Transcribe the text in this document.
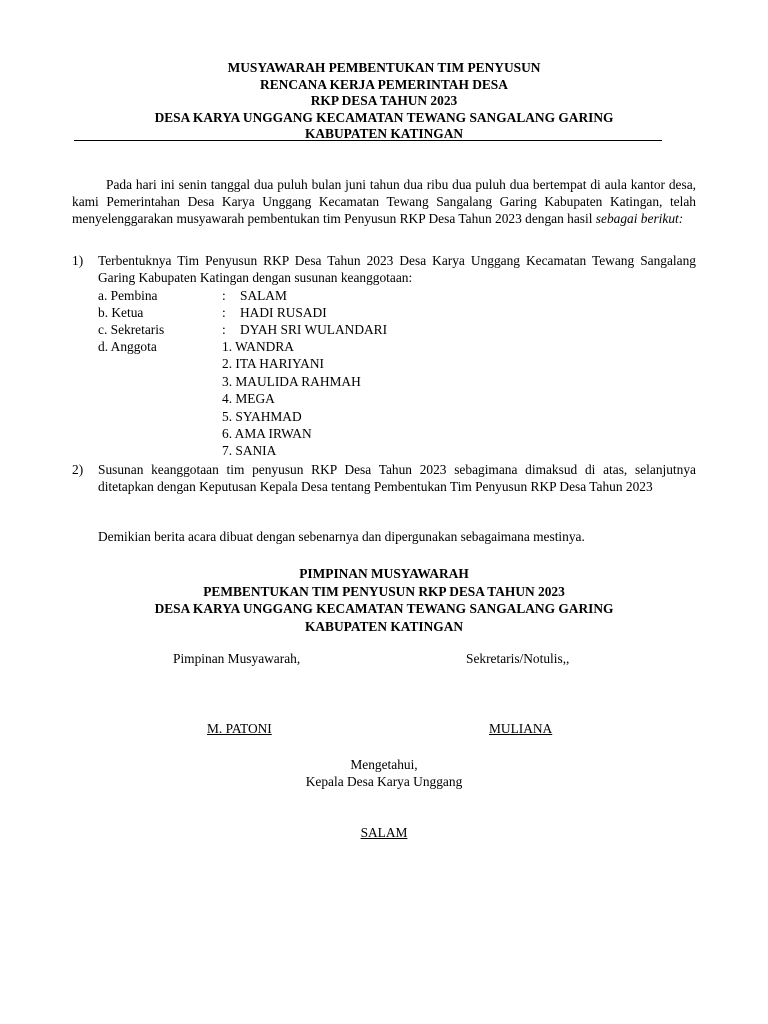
MUSYAWARAH PEMBENTUKAN TIM PENYUSUN
RENCANA KERJA PEMERINTAH DESA
RKP DESA TAHUN 2023
DESA KARYA UNGGANG KECAMATAN TEWANG SANGALANG GARING
KABUPATEN KATINGAN
Pada hari ini senin tanggal dua puluh bulan juni tahun dua ribu dua puluh dua bertempat di aula kantor desa, kami Pemerintahan Desa Karya Unggang Kecamatan Tewang Sangalang Garing Kabupaten Katingan, telah menyelenggarakan musyawarah pembentukan tim Penyusun RKP Desa Tahun 2023 dengan hasil sebagai berikut:
1)	Terbentuknya Tim Penyusun RKP Desa Tahun 2023 Desa Karya Unggang Kecamatan Tewang Sangalang Garing Kabupaten Katingan dengan susunan keanggotaan:
a. Pembina	: SALAM
b. Ketua	: HADI RUSADI
c. Sekretaris	: DYAH SRI WULANDARI
d. Anggota	1. WANDRA
2. ITA HARIYANI
3. MAULIDA RAHMAH
4. MEGA
5. SYAHMAD
6. AMA IRWAN
7. SANIA
2)	Susunan keanggotaan tim penyusun RKP Desa Tahun 2023 sebagimana dimaksud di atas, selanjutnya ditetapkan dengan Keputusan Kepala Desa tentang Pembentukan Tim Penyusun RKP Desa Tahun 2023
Demikian berita acara dibuat dengan sebenarnya dan dipergunakan sebagaimana mestinya.
PIMPINAN MUSYAWARAH
PEMBENTUKAN TIM PENYUSUN RKP DESA TAHUN 2023
DESA KARYA UNGGANG KECAMATAN TEWANG SANGALANG GARING
KABUPATEN KATINGAN
Pimpinan Musyawarah,	Sekretaris/Notulis,,
M. PATONI	MULIANA
Mengetahui,
Kepala Desa Karya Unggang
SALAM
